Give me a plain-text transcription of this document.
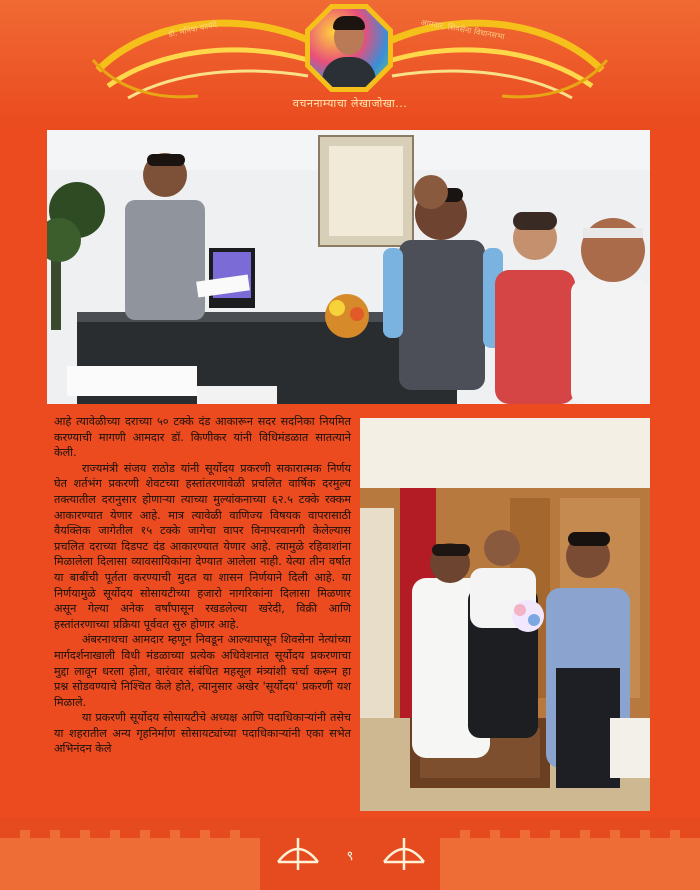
डॉ. मनिषा कायंदे	आमदार, शिवसेना विधानसभा
वचननाम्याचा लेखाजोखा...

आहे त्यावेळीच्या दराच्या ५० टक्के दंड आकारून सदर सदनिका नियमित करण्याची मागणी आमदार डॉ. किणीकर यांनी विधिमंडळात सातत्याने केली.

राज्यमंत्री संजय राठोड यांनी सूर्योदय प्रकरणी सकारात्मक निर्णय घेत शर्तभंग प्रकरणी शेवटच्या हस्तांतरणावेळी प्रचलित वार्षिक दरमुल्य तक्त्यातील दरानुसार होणाऱ्या त्याच्या मुल्यांकनाच्या ६२.५ टक्के रक्कम आकारण्यात येणार आहे. मात्र त्यावेळी वाणिज्य विषयक वापरासाठी वैयक्तिक जागेतील १५ टक्के जागेचा वापर विनापरवानगी केलेल्यास प्रचलित दराच्या दिडपट दंड आकारण्यात येणार आहे. त्यामुळे रहिवाशांना मिळालेला दिलासा व्यावसायिकांना देण्यात आलेला नाही. येत्या तीन वर्षात या बाबींची पूर्तता करण्याची मुदत या शासन निर्णयाने दिली आहे. या निर्णयामुळे सूर्योदय सोसायटीच्या हजारो नागरिकांना दिलासा मिळणार असून गेल्या अनेक वर्षांपासून रखडलेल्या खरेदी, विक्री आणि हस्तांतरणाच्या प्रक्रिया पूर्ववत सुरु होणार आहे.

अंबरनाथचा आमदार म्हणून निवडून आल्यापासून शिवसेना नेत्यांच्या मार्गदर्शनाखाली विधी मंडळाच्या प्रत्येक अधिवेशनात सूर्योदय प्रकरणाचा मुद्दा लावून धरला होता, वारंवार संबंधित महसूल मंत्र्यांशी चर्चा करून हा प्रश्न सोडवण्याचे निश्चित केले होते, त्यानुसार अखेर 'सूर्योदय' प्रकरणी यश मिळाले.

या प्रकरणी सूर्योदय सोसायटीचे अध्यक्ष आणि पदाधिकाऱ्यांनी तसेच या शहरातील अन्य गृहनिर्माण सोसायट्यांच्या पदाधिकाऱ्यांनी एका सभेत अभिनंदन केले

९
